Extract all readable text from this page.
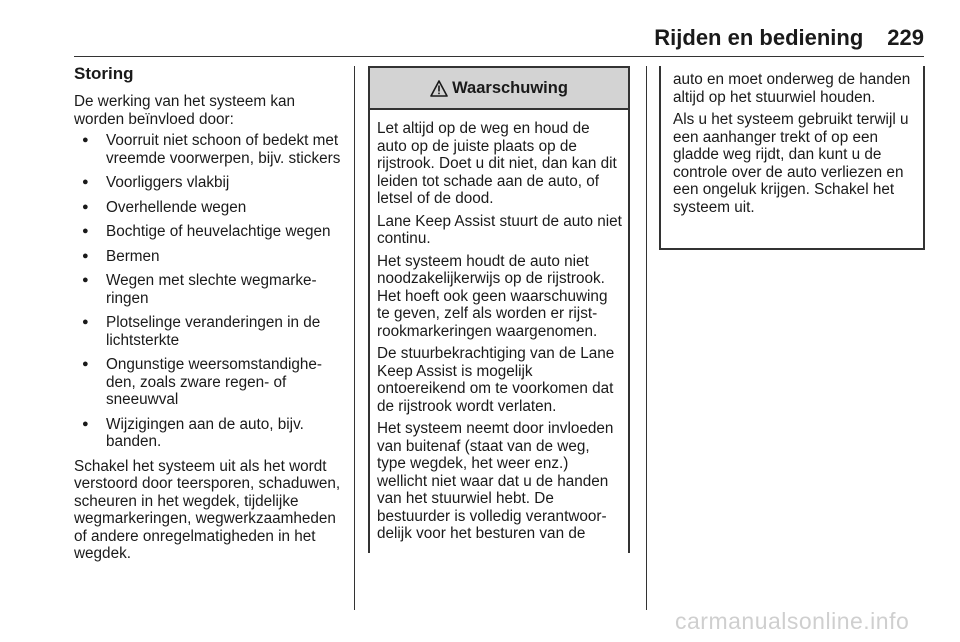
Rijden en bediening 229
Storing

De werking van het systeem kan worden beïnvloed door:

● Voorruit niet schoon of bedekt met vreemde voorwerpen, bijv. stickers
● Voorliggers vlakbij
● Overhellende wegen
● Bochtige of heuvelachtige wegen
● Bermen
● Wegen met slechte wegmarkeringen
● Plotselinge veranderingen in de lichtsterkte
● Ongunstige weersomstandigheden, zoals zware regen- of sneeuwval
● Wijzigingen aan de auto, bijv. banden.

Schakel het systeem uit als het wordt verstoord door teersporen, schaduwen, scheuren in het wegdek, tijdelijke wegmarkeringen, wegwerkzaamheden of andere onregelmatigheden in het wegdek.

Waarschuwing

Let altijd op de weg en houd de auto op de juiste plaats op de rijstrook. Doet u dit niet, dan kan dit leiden tot schade aan de auto, of letsel of de dood.

Lane Keep Assist stuurt de auto niet continu.

Het systeem houdt de auto niet noodzakelijkerwijs op de rijstrook. Het hoeft ook geen waarschuwing te geven, zelf als worden er rijstrookmarkeringen waargenomen.

De stuurbekrachtiging van de Lane Keep Assist is mogelijk ontoereikend om te voorkomen dat de rijstrook wordt verlaten.

Het systeem neemt door invloeden van buitenaf (staat van de weg, type wegdek, het weer enz.) wellicht niet waar dat u de handen van het stuurwiel hebt. De bestuurder is volledig verantwoordelijk voor het besturen van de

auto en moet onderweg de handen altijd op het stuurwiel houden.

Als u het systeem gebruikt terwijl u een aanhanger trekt of op een gladde weg rijdt, dan kunt u de controle over de auto verliezen en een ongeluk krijgen. Schakel het systeem uit.

carmanualsonline.info
